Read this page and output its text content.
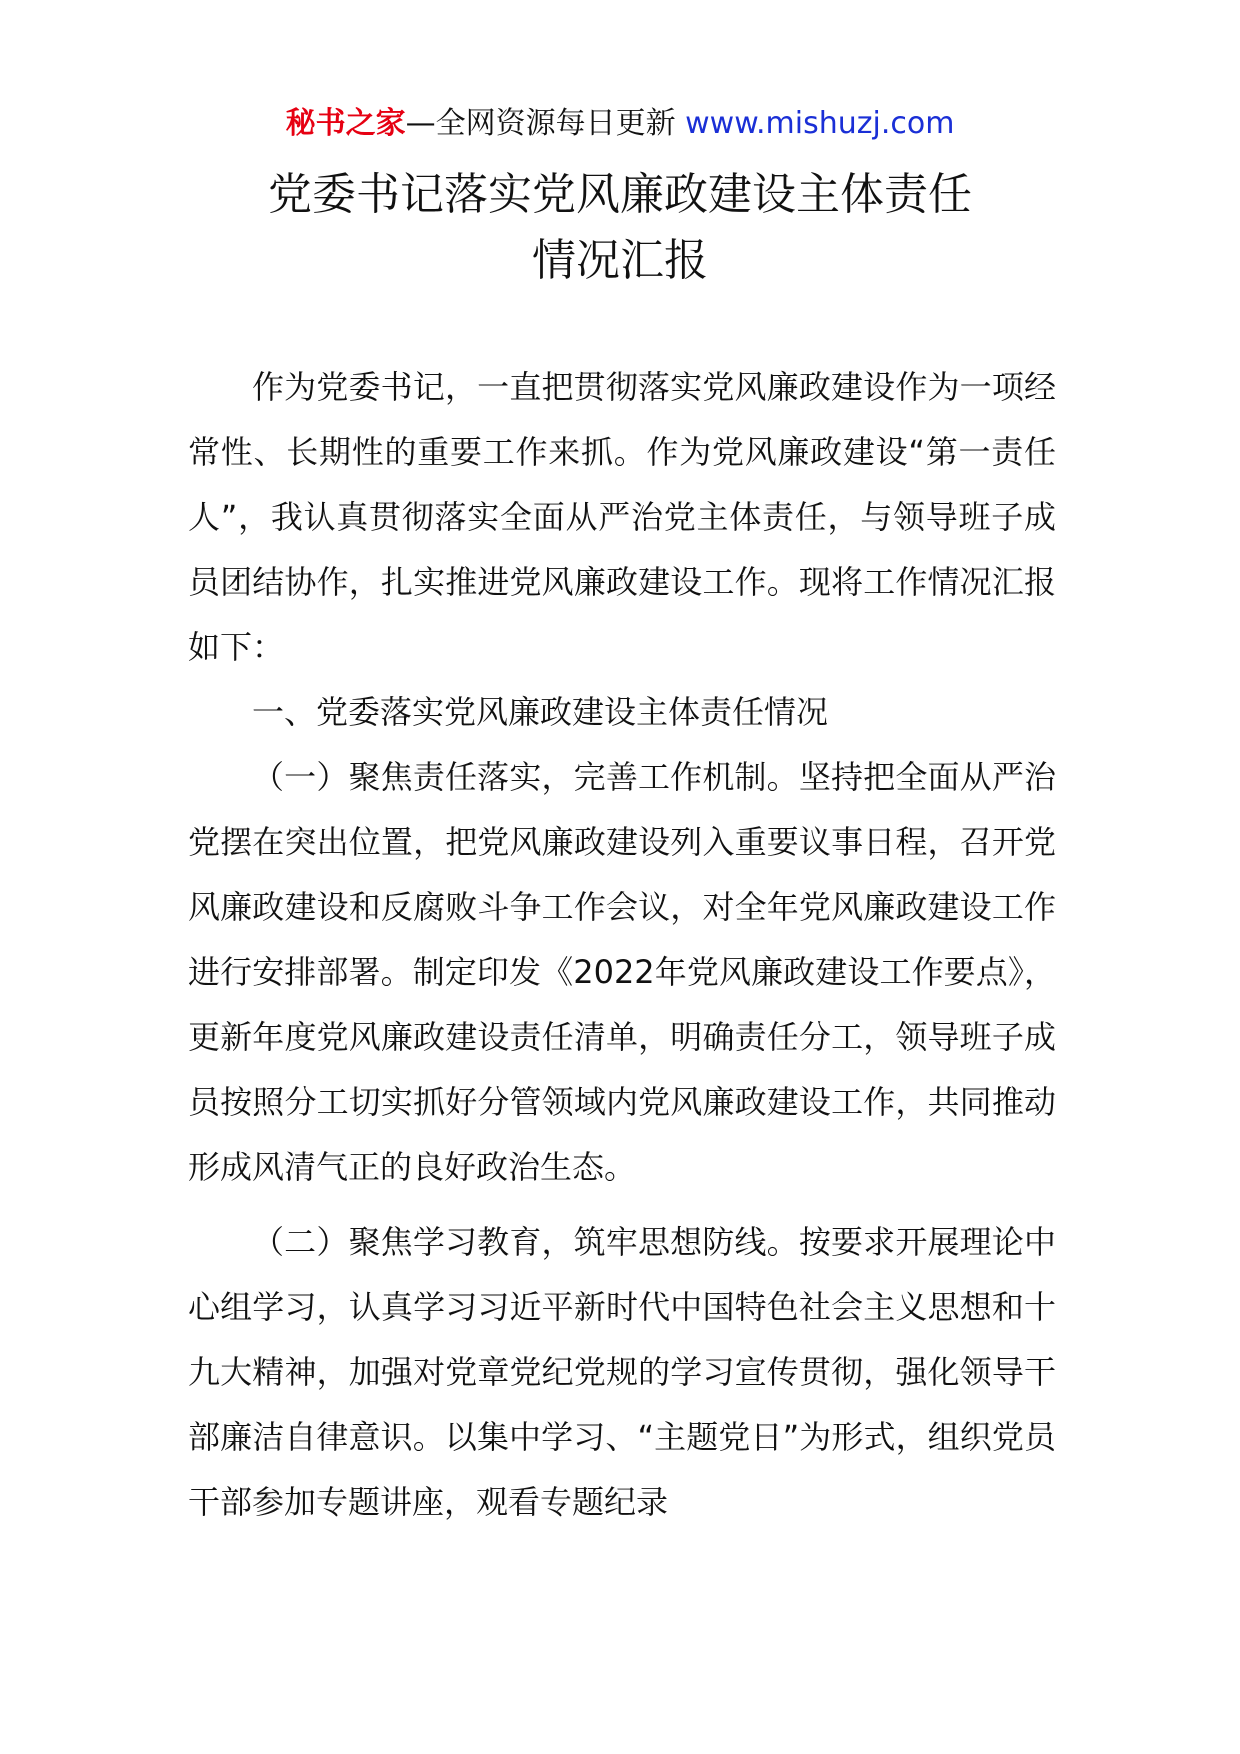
秘书之家—全网资源每日更新 www.mishuzj.com
党委书记落实党风廉政建设主体责任
情况汇报

作为党委书记，一直把贯彻落实党风廉政建设作为一项经常性、长期性的重要工作来抓。作为党风廉政建设“第一责任人”，我认真贯彻落实全面从严治党主体责任，与领导班子成员团结协作，扎实推进党风廉政建设工作。现将工作情况汇报如下：

一、党委落实党风廉政建设主体责任情况

（一）聚焦责任落实，完善工作机制。坚持把全面从严治党摆在突出位置，把党风廉政建设列入重要议事日程，召开党风廉政建设和反腐败斗争工作会议，对全年党风廉政建设工作进行安排部署。制定印发《2022年党风廉政建设工作要点》，更新年度党风廉政建设责任清单，明确责任分工，领导班子成员按照分工切实抓好分管领域内党风廉政建设工作，共同推动形成风清气正的良好政治生态。

（二）聚焦学习教育，筑牢思想防线。按要求开展理论中心组学习，认真学习习近平新时代中国特色社会主义思想和十九大精神，加强对党章党纪党规的学习宣传贯彻，强化领导干部廉洁自律意识。以集中学习、“主题党日”为形式，组织党员干部参加专题讲座，观看专题纪录
